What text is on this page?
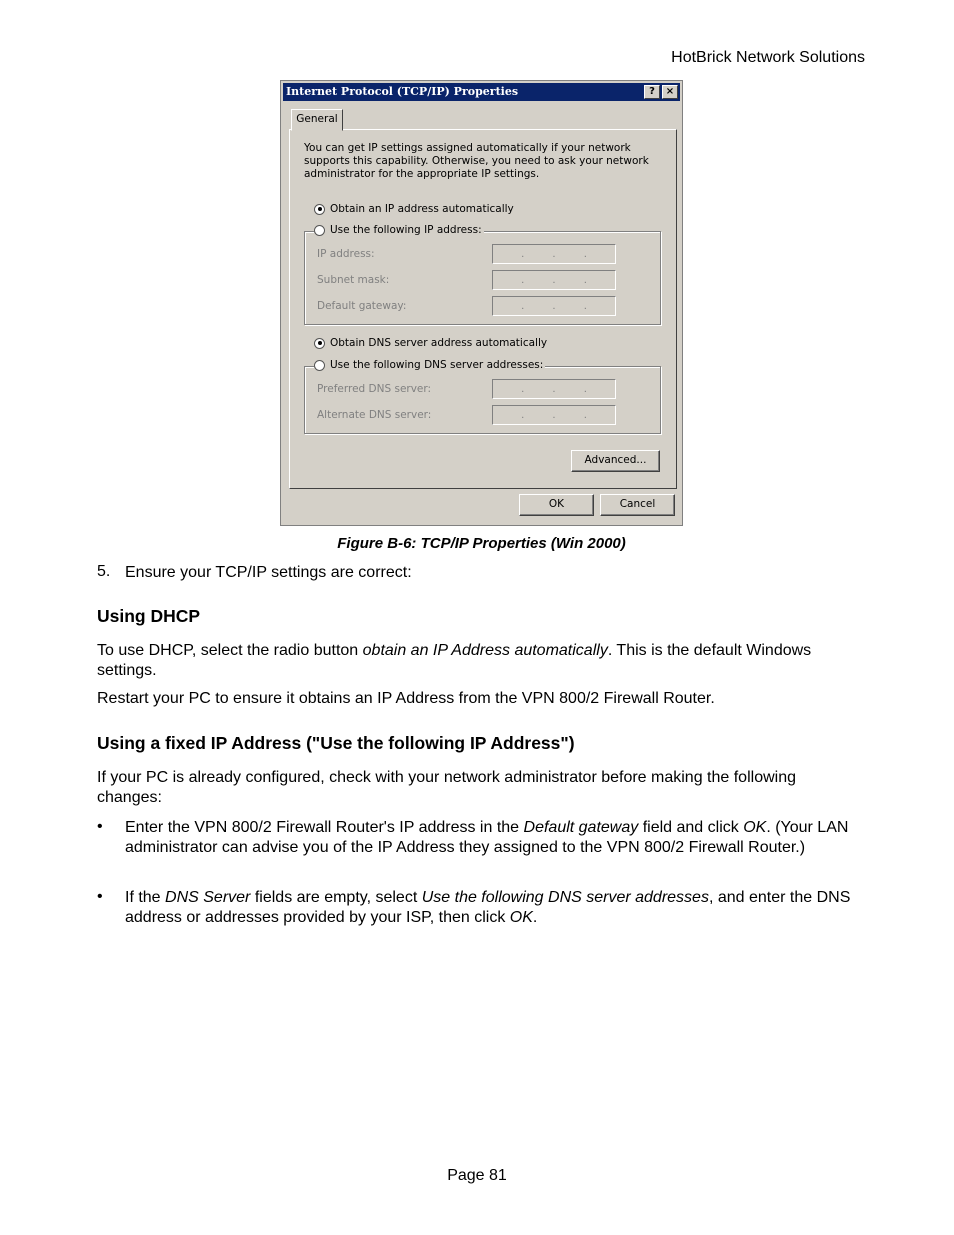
HotBrick Network Solutions
Internet Protocol (TCP/IP) Properties	?	×
General
You can get IP settings assigned automatically if your network supports this capability. Otherwise, you need to ask your network administrator for the appropriate IP settings.
Obtain an IP address automatically
Use the following IP address:
IP address:	.	.	.
Subnet mask:	.	.	.
Default gateway:	.	.	.
Obtain DNS server address automatically
Use the following DNS server addresses:
Preferred DNS server:	.	.	.
Alternate DNS server:	.	.	.
Advanced...
OK	Cancel
Figure B-6: TCP/IP Properties (Win 2000)
5. Ensure your TCP/IP settings are correct:
Using DHCP
To use DHCP, select the radio button obtain an IP Address automatically. This is the default Windows settings.
Restart your PC to ensure it obtains an IP Address from the VPN 800/2 Firewall Router.
Using a fixed IP Address ("Use the following IP Address")
If your PC is already configured, check with your network administrator before making the following changes:
• Enter the VPN 800/2 Firewall Router's IP address in the Default gateway field and click OK. (Your LAN administrator can advise you of the IP Address they assigned to the VPN 800/2 Firewall Router.)
• If the DNS Server fields are empty, select Use the following DNS server addresses, and enter the DNS address or addresses provided by your ISP, then click OK.
Page 81
